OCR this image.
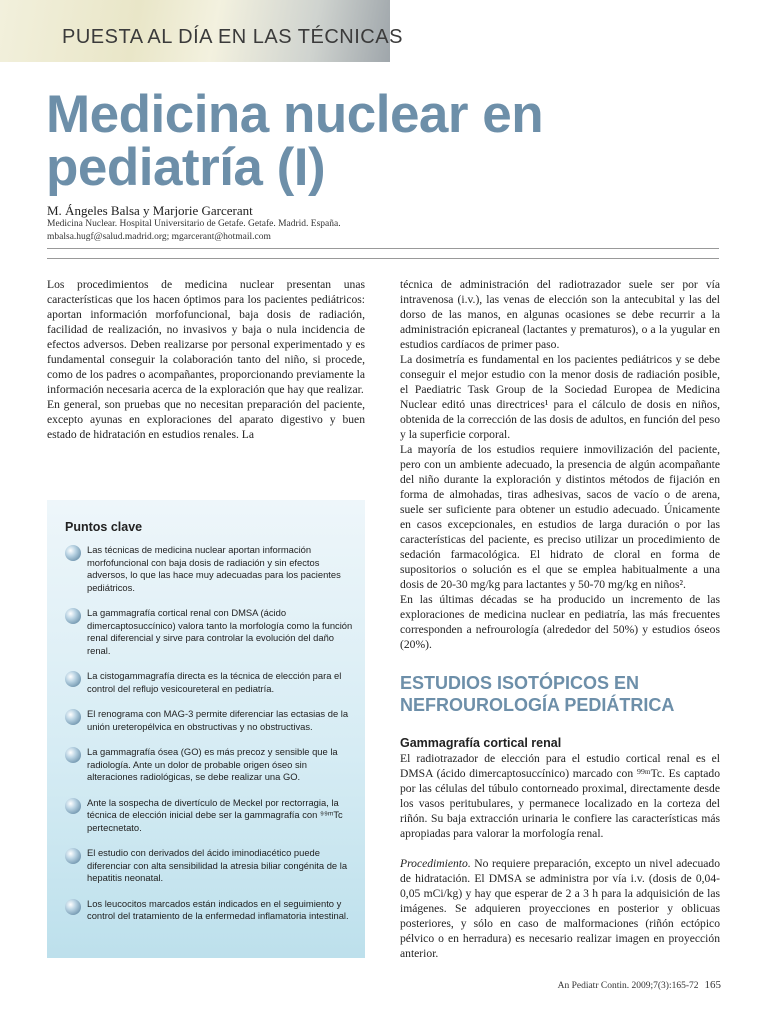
PUESTA AL DÍA EN LAS TÉCNICAS
Medicina nuclear en pediatría (I)
M. Ángeles Balsa y Marjorie Garcerant
Medicina Nuclear. Hospital Universitario de Getafe. Getafe. Madrid. España.
mbalsa.hugf@salud.madrid.org; mgarcerant@hotmail.com

Los procedimientos de medicina nuclear presentan unas características que los hacen óptimos para los pacientes pediátricos: aportan información morfofuncional, baja dosis de radiación, facilidad de realización, no invasivos y baja o nula incidencia de efectos adversos. Deben realizarse por personal experimentado y es fundamental conseguir la colaboración tanto del niño, si procede, como de los padres o acompañantes, proporcionando previamente la información necesaria acerca de la exploración que hay que realizar.

En general, son pruebas que no necesitan preparación del paciente, excepto ayunas en exploraciones del aparato digestivo y buen estado de hidratación en estudios renales. La

Puntos clave
Las técnicas de medicina nuclear aportan información morfofuncional con baja dosis de radiación y sin efectos adversos, lo que las hace muy adecuadas para los pacientes pediátricos.
La gammagrafía cortical renal con DMSA (ácido dimercaptosuccínico) valora tanto la morfología como la función renal diferencial y sirve para controlar la evolución del daño renal.
La cistogammagrafía directa es la técnica de elección para el control del reflujo vesicoureteral en pediatría.
El renograma con MAG-3 permite diferenciar las ectasias de la unión ureteropélvica en obstructivas y no obstructivas.
La gammagrafía ósea (GO) es más precoz y sensible que la radiología. Ante un dolor de probable origen óseo sin alteraciones radiológicas, se debe realizar una GO.
Ante la sospecha de divertículo de Meckel por rectorragia, la técnica de elección inicial debe ser la gammagrafía con ⁹⁹ᵐTc pertecnetato.
El estudio con derivados del ácido iminodiacético puede diferenciar con alta sensibilidad la atresia biliar congénita de la hepatitis neonatal.
Los leucocitos marcados están indicados en el seguimiento y control del tratamiento de la enfermedad inflamatoria intestinal.

técnica de administración del radiotrazador suele ser por vía intravenosa (i.v.), las venas de elección son la antecubital y las del dorso de las manos, en algunas ocasiones se debe recurrir a la administración epicraneal (lactantes y prematuros), o a la yugular en estudios cardíacos de primer paso.

La dosimetría es fundamental en los pacientes pediátricos y se debe conseguir el mejor estudio con la menor dosis de radiación posible, el Paediatric Task Group de la Sociedad Europea de Medicina Nuclear editó unas directrices¹ para el cálculo de dosis en niños, obtenida de la corrección de las dosis de adultos, en función del peso y la superficie corporal.

La mayoría de los estudios requiere inmovilización del paciente, pero con un ambiente adecuado, la presencia de algún acompañante del niño durante la exploración y distintos métodos de fijación en forma de almohadas, tiras adhesivas, sacos de vacío o de arena, suele ser suficiente para obtener un estudio adecuado. Únicamente en casos excepcionales, en estudios de larga duración o por las características del paciente, es preciso utilizar un procedimiento de sedación farmacológica. El hidrato de cloral en forma de supositorios o solución es el que se emplea habitualmente a una dosis de 20-30 mg/kg para lactantes y 50-70 mg/kg en niños².

En las últimas décadas se ha producido un incremento de las exploraciones de medicina nuclear en pediatría, las más frecuentes corresponden a nefrourología (alrededor del 50%) y estudios óseos (20%).

ESTUDIOS ISOTÓPICOS EN NEFROUROLOGÍA PEDIÁTRICA
Gammagrafía cortical renal

El radiotrazador de elección para el estudio cortical renal es el DMSA (ácido dimercaptosuccínico) marcado con ⁹⁹ᵐTc. Es captado por las células del túbulo contorneado proximal, directamente desde los vasos peritubulares, y permanece localizado en la corteza del riñón. Su baja extracción urinaria le confiere las características más apropiadas para valorar la morfología renal.

Procedimiento. No requiere preparación, excepto un nivel adecuado de hidratación. El DMSA se administra por vía i.v. (dosis de 0,04-0,05 mCi/kg) y hay que esperar de 2 a 3 h para la adquisición de las imágenes. Se adquieren proyecciones en posterior y oblicuas posteriores, y sólo en caso de malformaciones (riñón ectópico pélvico o en herradura) es necesario realizar imagen en proyección anterior.

An Pediatr Contin. 2009;7(3):165-72 165
